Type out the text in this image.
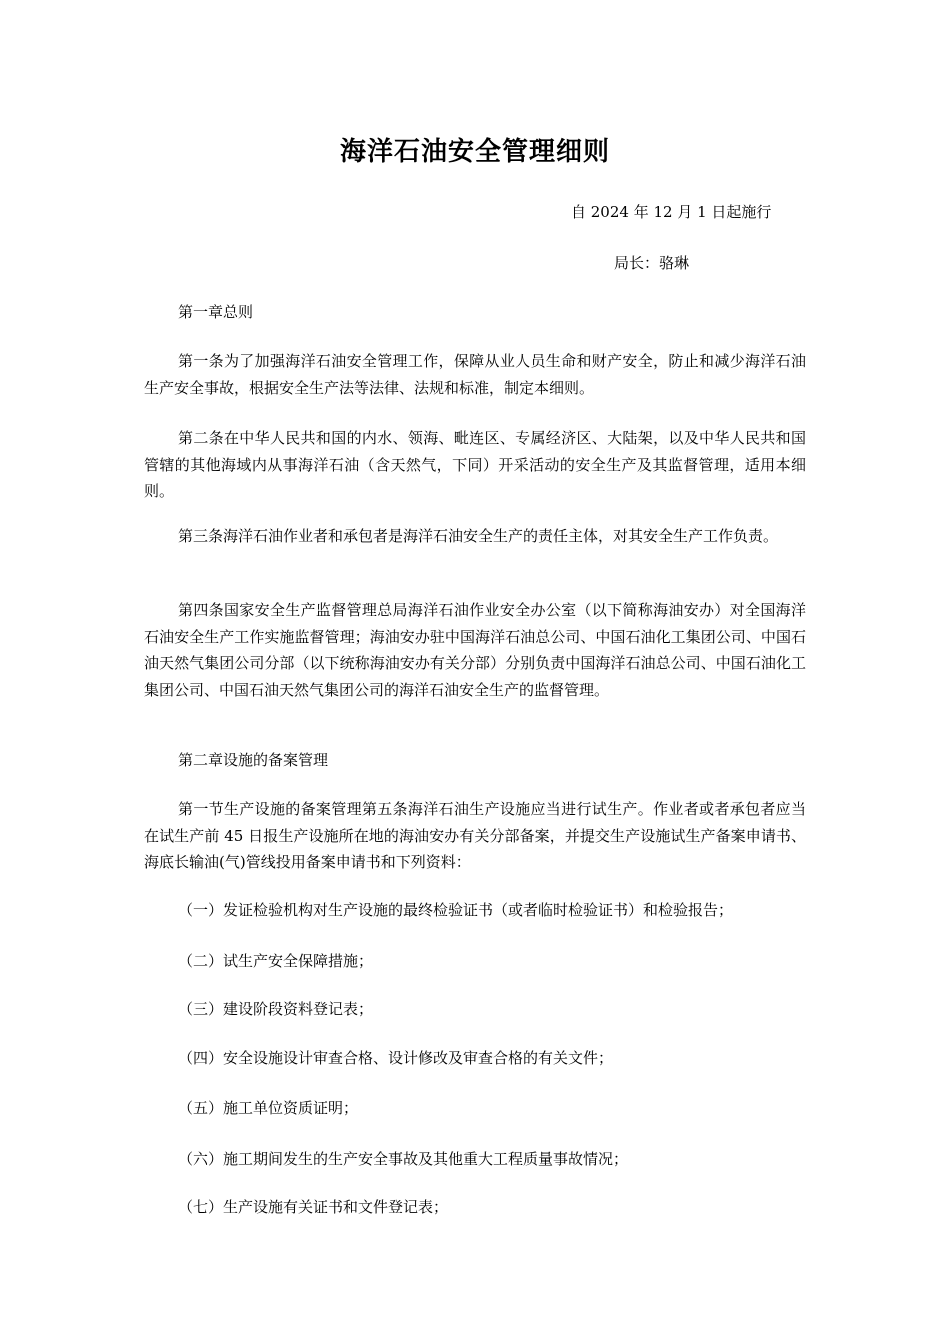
海洋石油安全管理细则
自 2024 年 12 月 1 日起施行
局长：骆琳

第一章总则

第一条为了加强海洋石油安全管理工作，保障从业人员生命和财产安全，防止和减少海洋石油生产安全事故，根据安全生产法等法律、法规和标准，制定本细则。

第二条在中华人民共和国的内水、领海、毗连区、专属经济区、大陆架，以及中华人民共和国管辖的其他海域内从事海洋石油（含天然气，下同）开采活动的安全生产及其监督管理，适用本细则。

第三条海洋石油作业者和承包者是海洋石油安全生产的责任主体，对其安全生产工作负责。

第四条国家安全生产监督管理总局海洋石油作业安全办公室（以下简称海油安办）对全国海洋石油安全生产工作实施监督管理；海油安办驻中国海洋石油总公司、中国石油化工集团公司、中国石油天然气集团公司分部（以下统称海油安办有关分部）分别负责中国海洋石油总公司、中国石油化工集团公司、中国石油天然气集团公司的海洋石油安全生产的监督管理。

第二章设施的备案管理

第一节生产设施的备案管理第五条海洋石油生产设施应当进行试生产。作业者或者承包者应当在试生产前 45 日报生产设施所在地的海油安办有关分部备案，并提交生产设施试生产备案申请书、海底长输油(气)管线投用备案申请书和下列资料：

（一）发证检验机构对生产设施的最终检验证书（或者临时检验证书）和检验报告；

（二）试生产安全保障措施；

（三）建设阶段资料登记表；

（四）安全设施设计审查合格、设计修改及审查合格的有关文件；

（五）施工单位资质证明；

（六）施工期间发生的生产安全事故及其他重大工程质量事故情况；

（七）生产设施有关证书和文件登记表；
